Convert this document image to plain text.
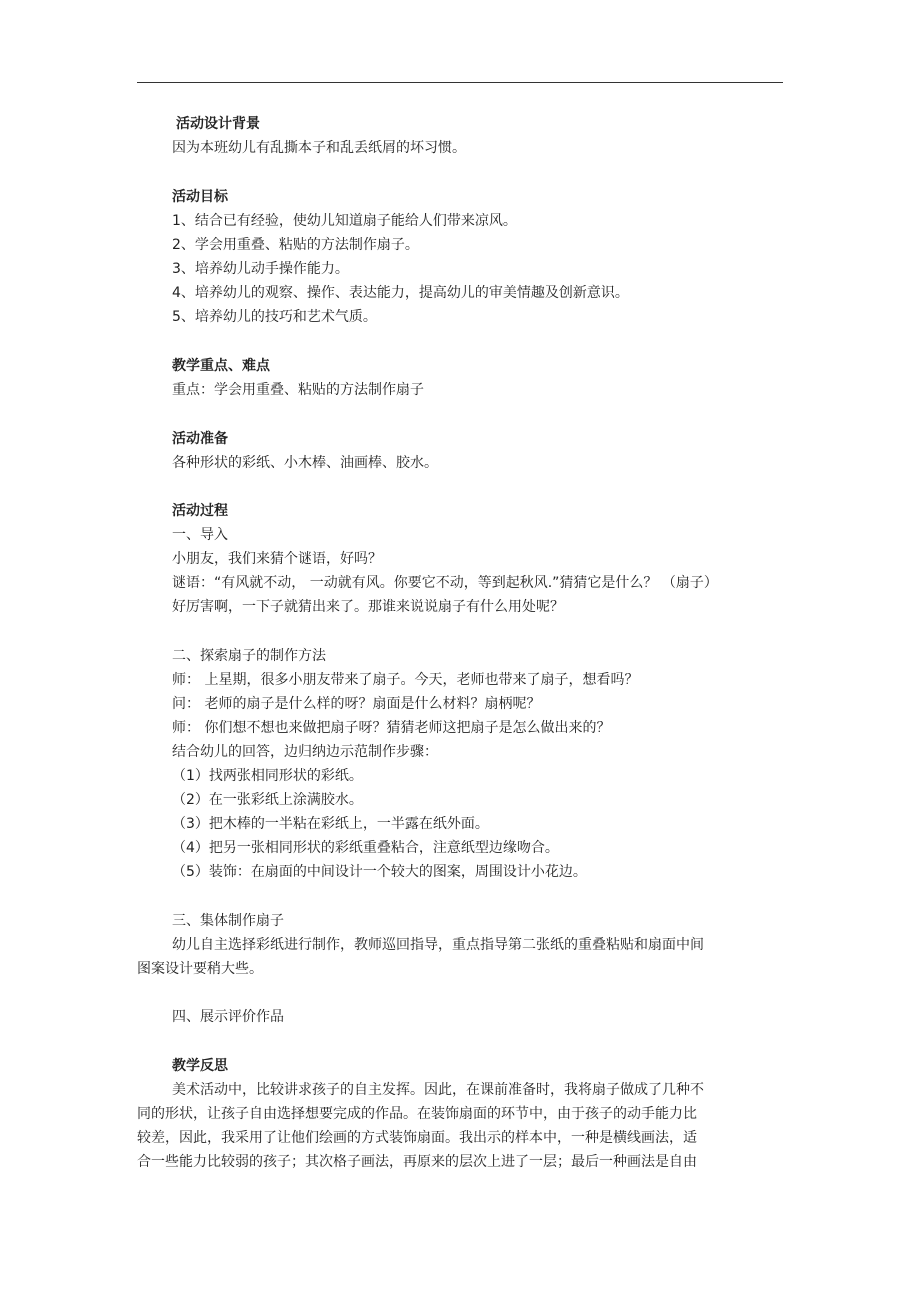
活动设计背景
因为本班幼儿有乱撕本子和乱丢纸屑的坏习惯。
活动目标
1、结合已有经验，使幼儿知道扇子能给人们带来凉风。
2、学会用重叠、粘贴的方法制作扇子。
3、培养幼儿动手操作能力。
4、培养幼儿的观察、操作、表达能力，提高幼儿的审美情趣及创新意识。
5、培养幼儿的技巧和艺术气质。
教学重点、难点
重点：学会用重叠、粘贴的方法制作扇子
活动准备
各种形状的彩纸、小木棒、油画棒、胶水。
活动过程
一、导入
小朋友，我们来猜个谜语，好吗？
谜语：“有风就不动， 一动就有风。你要它不动，等到起秋风.”猜猜它是什么？ （扇子）
好厉害啊，一下子就猜出来了。那谁来说说扇子有什么用处呢？
二、探索扇子的制作方法
师： 上星期，很多小朋友带来了扇子。今天，老师也带来了扇子，想看吗？
问： 老师的扇子是什么样的呀？扇面是什么材料？扇柄呢？
师： 你们想不想也来做把扇子呀？猜猜老师这把扇子是怎么做出来的？
结合幼儿的回答，边归纳边示范制作步骤：
（1）找两张相同形状的彩纸。
（2）在一张彩纸上涂满胶水。
（3）把木棒的一半粘在彩纸上，一半露在纸外面。
（4）把另一张相同形状的彩纸重叠粘合，注意纸型边缘吻合。
（5）装饰：在扇面的中间设计一个较大的图案，周围设计小花边。
三、集体制作扇子
幼儿自主选择彩纸进行制作，教师巡回指导，重点指导第二张纸的重叠粘贴和扇面中间
图案设计要稍大些。
四、展示评价作品
教学反思
美术活动中，比较讲求孩子的自主发挥。因此，在课前准备时，我将扇子做成了几种不
同的形状，让孩子自由选择想要完成的作品。在装饰扇面的环节中，由于孩子的动手能力比
较差，因此，我采用了让他们绘画的方式装饰扇面。我出示的样本中，一种是横线画法，适
合一些能力比较弱的孩子；其次格子画法，再原来的层次上进了一层；最后一种画法是自由
